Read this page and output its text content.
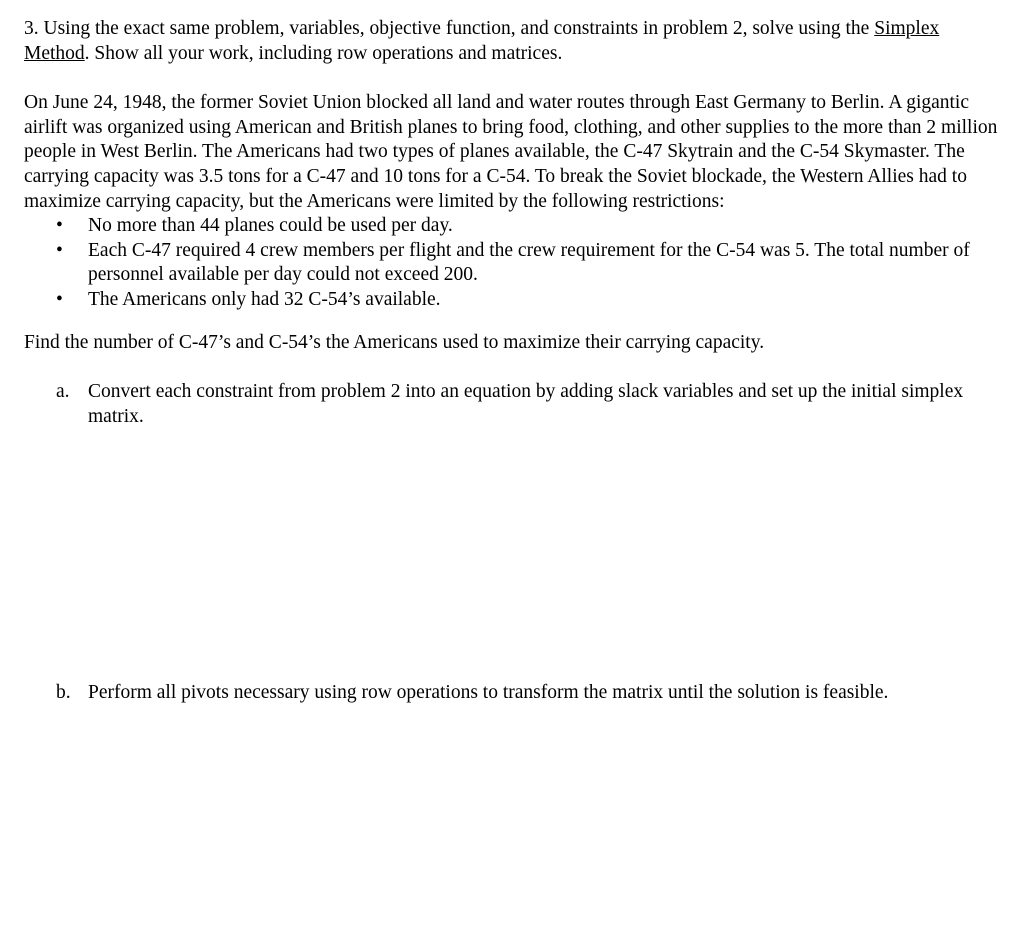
3. Using the exact same problem, variables, objective function, and constraints in problem 2, solve using the Simplex Method. Show all your work, including row operations and matrices.

On June 24, 1948, the former Soviet Union blocked all land and water routes through East Germany to Berlin. A gigantic airlift was organized using American and British planes to bring food, clothing, and other supplies to the more than 2 million people in West Berlin. The Americans had two types of planes available, the C-47 Skytrain and the C-54 Skymaster. The carrying capacity was 3.5 tons for a C-47 and 10 tons for a C-54. To break the Soviet blockade, the Western Allies had to maximize carrying capacity, but the Americans were limited by the following restrictions:

• No more than 44 planes could be used per day.
• Each C-47 required 4 crew members per flight and the crew requirement for the C-54 was 5. The total number of personnel available per day could not exceed 200.
• The Americans only had 32 C-54’s available.

Find the number of C-47’s and C-54’s the Americans used to maximize their carrying capacity.

a. Convert each constraint from problem 2 into an equation by adding slack variables and set up the initial simplex matrix.
b. Perform all pivots necessary using row operations to transform the matrix until the solution is feasible.
